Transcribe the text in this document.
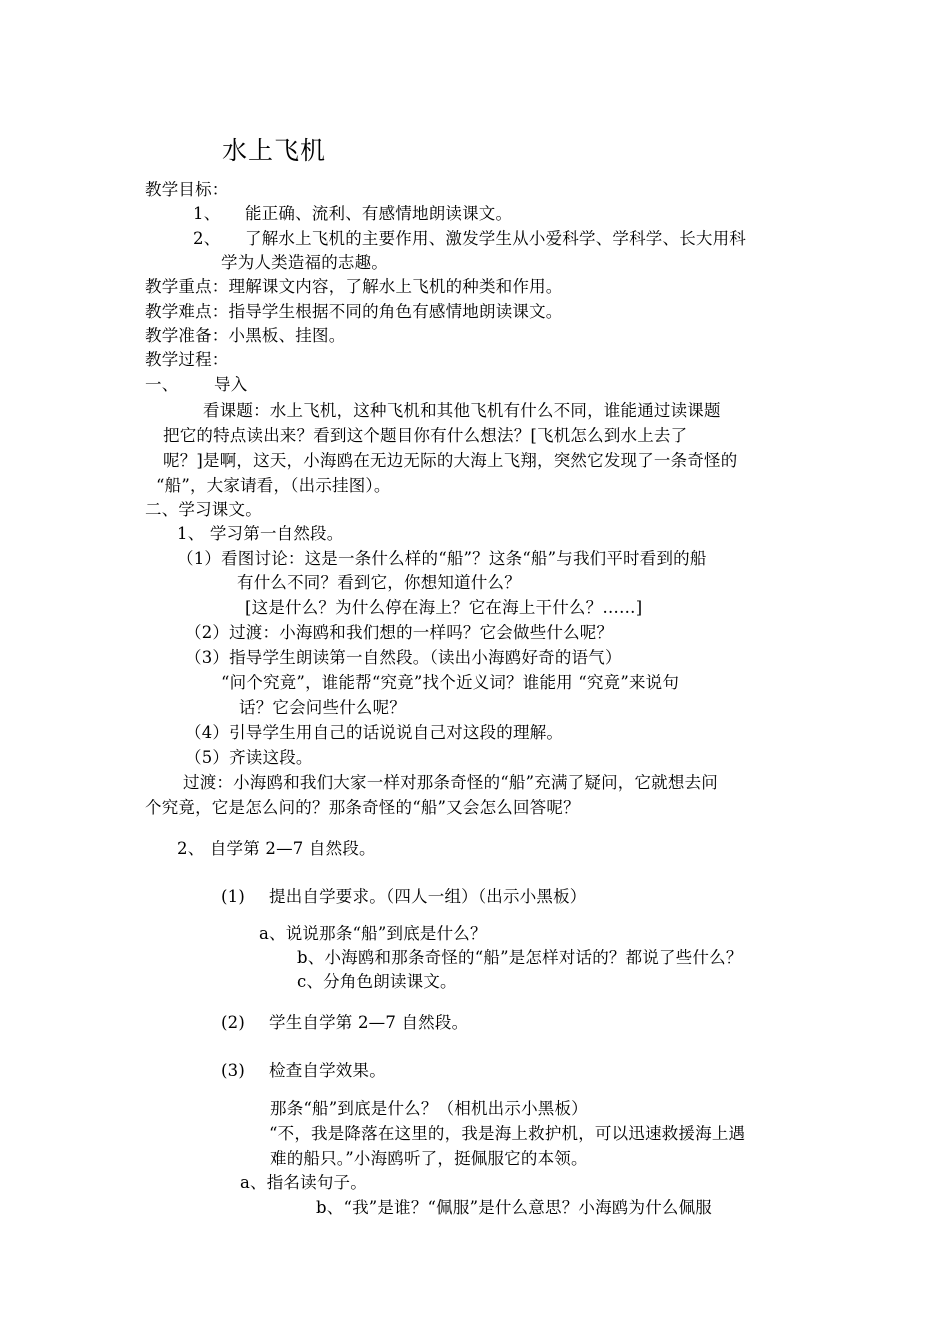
水上飞机
教学目标：
1、 能正确、流利、有感情地朗读课文。
2、 了解水上飞机的主要作用、激发学生从小爱科学、学科学、长大用科
学为人类造福的志趣。
教学重点：理解课文内容，了解水上飞机的种类和作用。
教学难点：指导学生根据不同的角色有感情地朗读课文。
教学准备：小黑板、挂图。
教学过程：
一、 导入
看课题：水上飞机，这种飞机和其他飞机有什么不同，谁能通过读课题
把它的特点读出来？看到这个题目你有什么想法？[飞机怎么到水上去了
呢？]是啊，这天，小海鸥在无边无际的大海上飞翔，突然它发现了一条奇怪的
“船”，大家请看，（出示挂图）。
二、学习课文。
1、 学习第一自然段。
（1）看图讨论：这是一条什么样的“船”？这条“船”与我们平时看到的船
有什么不同？看到它，你想知道什么？
[这是什么？为什么停在海上？它在海上干什么？……]
（2）过渡：小海鸥和我们想的一样吗？它会做些什么呢？
（3）指导学生朗读第一自然段。（读出小海鸥好奇的语气）
“问个究竟”，谁能帮“究竟”找个近义词？谁能用 “究竟”来说句
话？它会问些什么呢？
（4）引导学生用自己的话说说自己对这段的理解。
（5）齐读这段。
过渡：小海鸥和我们大家一样对那条奇怪的“船”充满了疑问，它就想去问
个究竟，它是怎么问的？那条奇怪的“船”又会怎么回答呢？
2、 自学第 2—7 自然段。
(1) 提出自学要求。（四人一组）（出示小黑板）
a、说说那条“船”到底是什么？
b、小海鸥和那条奇怪的“船”是怎样对话的？都说了些什么？
c、分角色朗读课文。
(2) 学生自学第 2—7 自然段。
(3) 检查自学效果。
那条“船”到底是什么？（相机出示小黑板）
“不，我是降落在这里的，我是海上救护机，可以迅速救援海上遇
难的船只。”小海鸥听了，挺佩服它的本领。
a、指名读句子。
b、“我”是谁？“佩服”是什么意思？小海鸥为什么佩服
